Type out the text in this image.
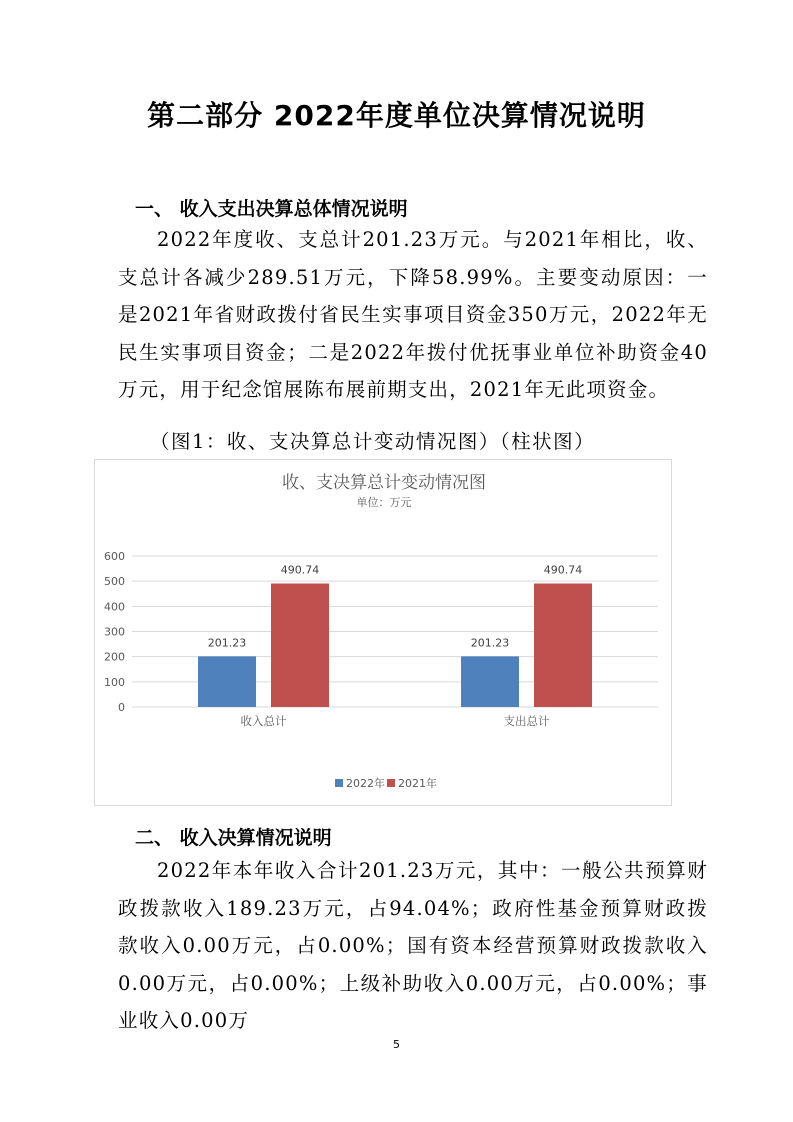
第二部分 2022年度单位决算情况说明
一、 收入支出决算总体情况说明
2022年度收、支总计201.23万元。与2021年相比，收、支总计各减少289.51万元，下降58.99%。主要变动原因：一是2021年省财政拨付省民生实事项目资金350万元，2022年无民生实事项目资金；二是2022年拨付优抚事业单位补助资金40万元，用于纪念馆展陈布展前期支出，2021年无此项资金。
（图1：收、支决算总计变动情况图）（柱状图）
收、支决算总计变动情况图
单位：万元
0
100
200
300
400
500
600
201.23
490.74
201.23
490.74
收入总计	支出总计
2022年 2021年
二、 收入决算情况说明
2022年本年收入合计201.23万元，其中：一般公共预算财政拨款收入189.23万元，占94.04%；政府性基金预算财政拨款收入0.00万元，占0.00%；国有资本经营预算财政拨款收入0.00万元，占0.00%；上级补助收入0.00万元，占0.00%；事业收入0.00万
5
